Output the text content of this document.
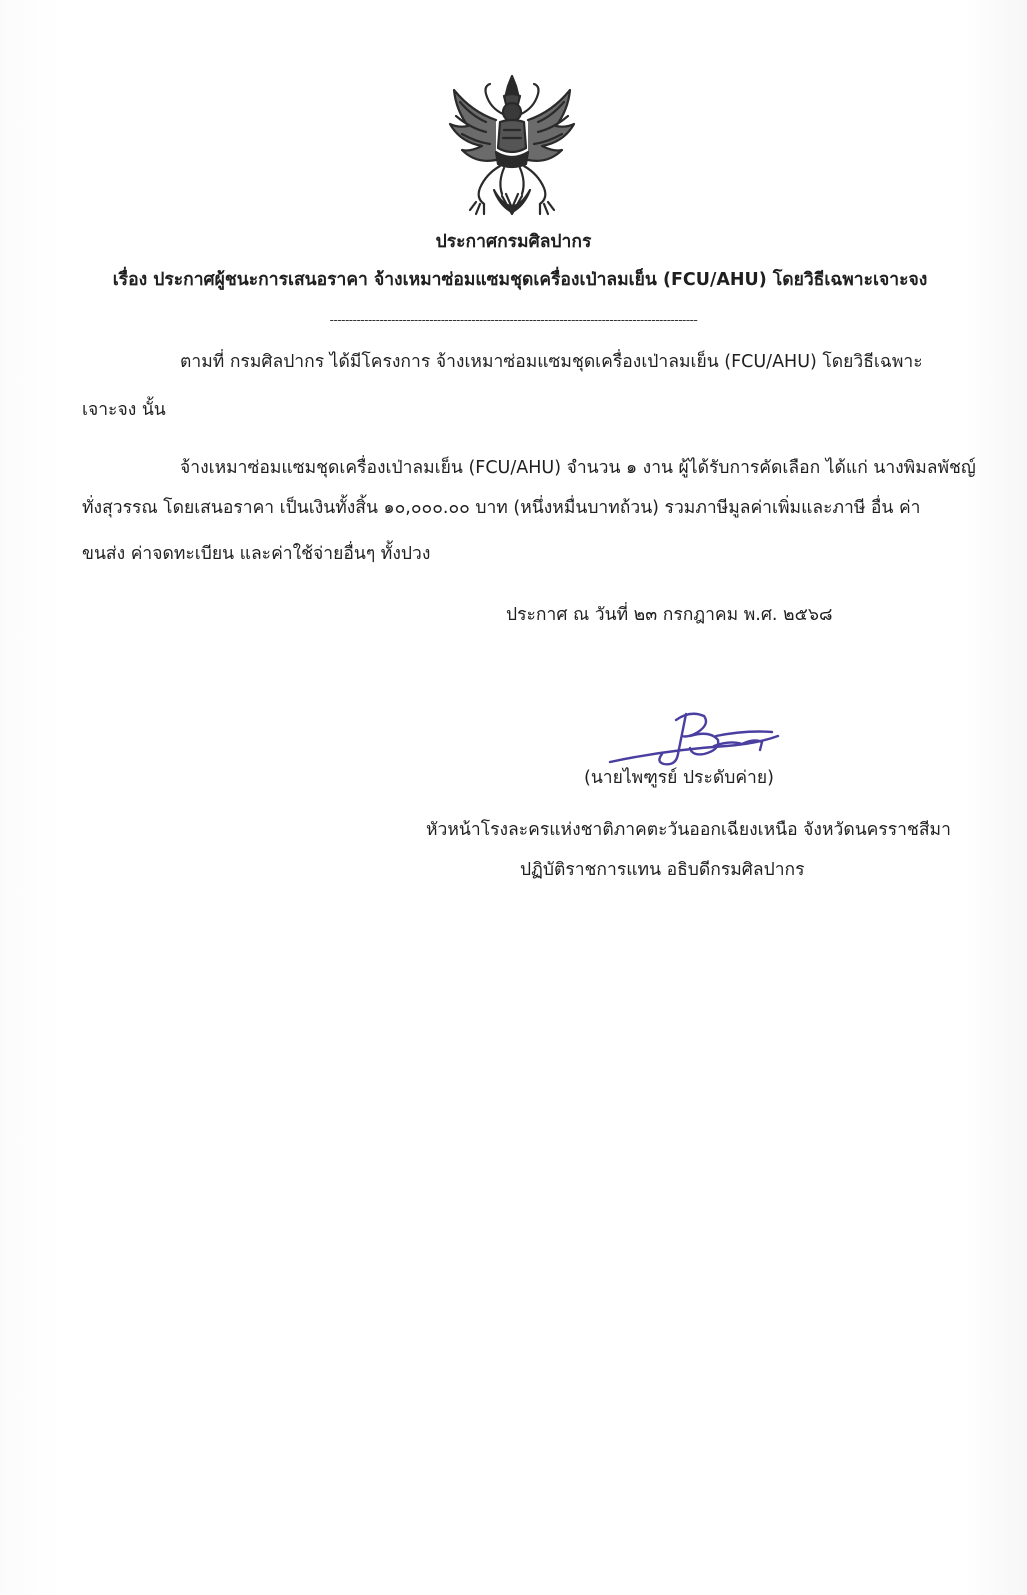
ประกาศกรมศิลปากร
เรื่อง ประกาศผู้ชนะการเสนอราคา จ้างเหมาซ่อมแซมชุดเครื่องเป่าลมเย็น (FCU/AHU) โดยวิธีเฉพาะเจาะจง
------------------------------------------------------------------------------------------------
ตามที่ กรมศิลปากร ได้มีโครงการ จ้างเหมาซ่อมแซมชุดเครื่องเป่าลมเย็น (FCU/AHU) โดยวิธีเฉพาะ
เจาะจง นั้น
จ้างเหมาซ่อมแซมชุดเครื่องเป่าลมเย็น (FCU/AHU) จำนวน ๑ งาน ผู้ได้รับการคัดเลือก ได้แก่ นางพิมลพัชญ์
ทั่งสุวรรณ โดยเสนอราคา เป็นเงินทั้งสิ้น ๑๐,๐๐๐.๐๐ บาท (หนึ่งหมื่นบาทถ้วน) รวมภาษีมูลค่าเพิ่มและภาษี อื่น ค่า
ขนส่ง ค่าจดทะเบียน และค่าใช้จ่ายอื่นๆ ทั้งปวง
ประกาศ ณ วันที่ ๒๓ กรกฎาคม พ.ศ. ๒๕๖๘
(นายไพฑูรย์ ประดับค่าย)
หัวหน้าโรงละครแห่งชาติภาคตะวันออกเฉียงเหนือ จังหวัดนครราชสีมา
ปฏิบัติราชการแทน อธิบดีกรมศิลปากร
